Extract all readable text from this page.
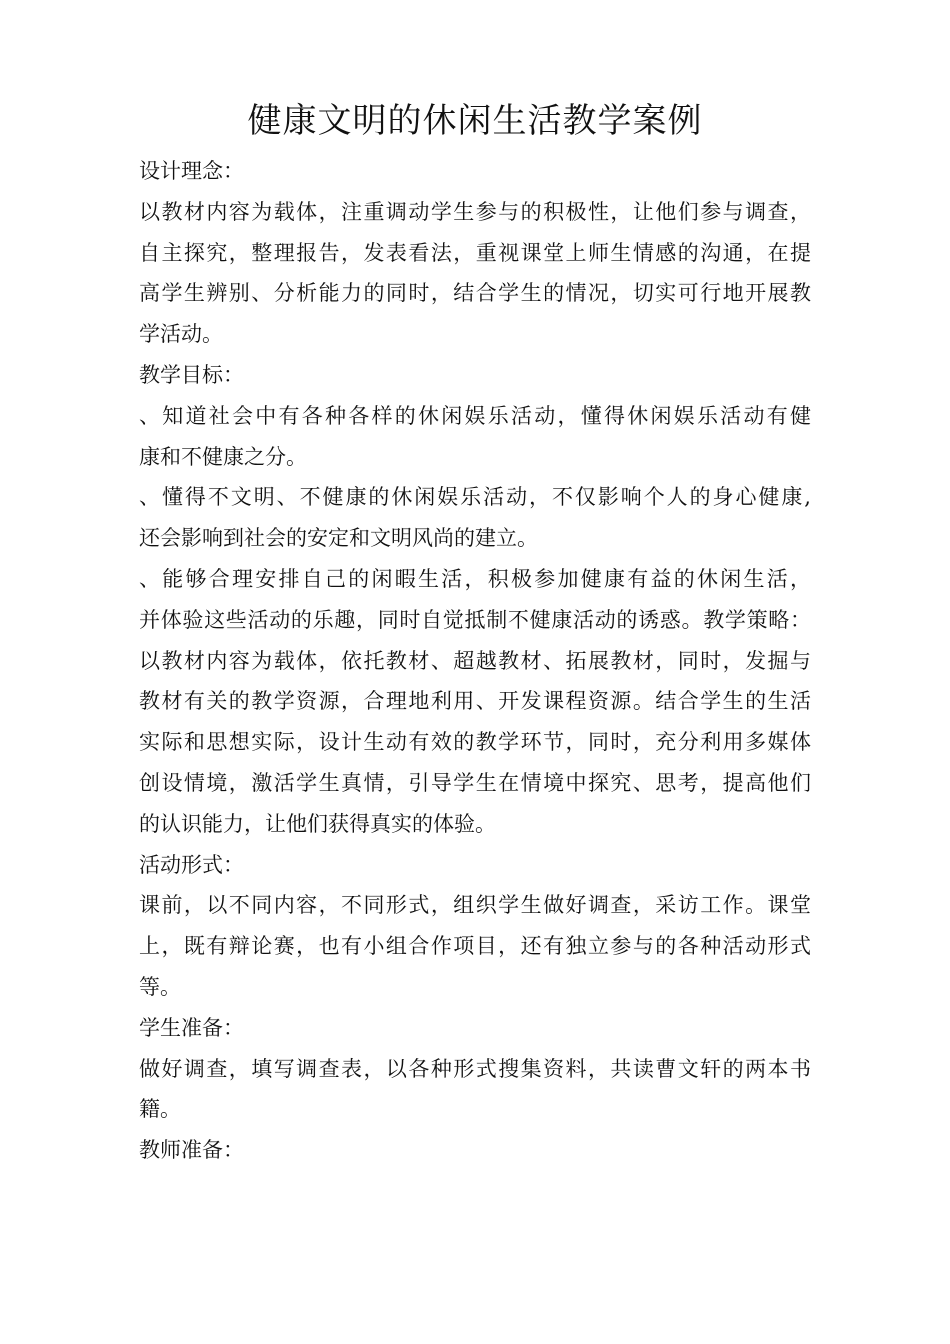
健康文明的休闲生活教学案例
设计理念：
以教材内容为载体，注重调动学生参与的积极性，让他们参与调查，
自主探究，整理报告，发表看法，重视课堂上师生情感的沟通，在提
高学生辨别、分析能力的同时，结合学生的情况，切实可行地开展教
学活动。
教学目标：
、知道社会中有各种各样的休闲娱乐活动，懂得休闲娱乐活动有健
康和不健康之分。
、懂得不文明、不健康的休闲娱乐活动，不仅影响个人的身心健康,
还会影响到社会的安定和文明风尚的建立。
、能够合理安排自己的闲暇生活，积极参加健康有益的休闲生活，
并体验这些活动的乐趣，同时自觉抵制不健康活动的诱惑。教学策略：
以教材内容为载体，依托教材、超越教材、拓展教材，同时，发掘与
教材有关的教学资源，合理地利用、开发课程资源。结合学生的生活
实际和思想实际，设计生动有效的教学环节，同时，充分利用多媒体
创设情境，激活学生真情，引导学生在情境中探究、思考，提高他们
的认识能力，让他们获得真实的体验。
活动形式：
课前，以不同内容，不同形式，组织学生做好调查，采访工作。课堂
上，既有辩论赛，也有小组合作项目，还有独立参与的各种活动形式
等。
学生准备：
做好调查，填写调查表，以各种形式搜集资料，共读曹文轩的两本书
籍。
教师准备：
